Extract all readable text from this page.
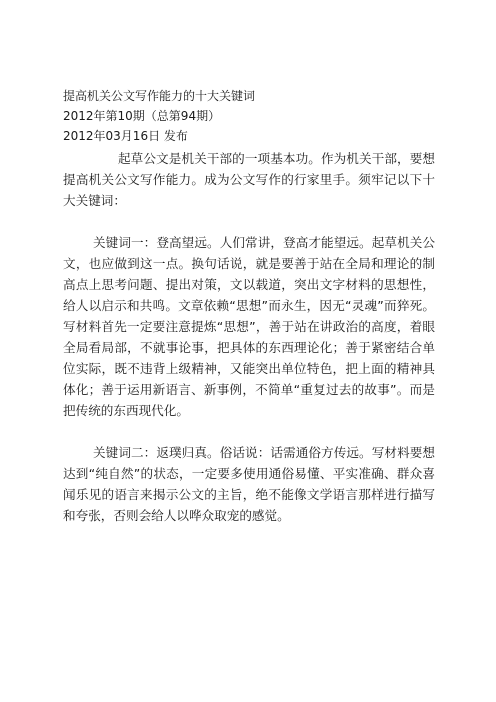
提高机关公文写作能力的十大关键词
2012年第10期（总第94期）
2012年03月16日 发布

起草公文是机关干部的一项基本功。作为机关干部，要想提高机关公文写作能力。成为公文写作的行家里手。须牢记以下十大关键词：

关键词一：登高望远。人们常讲，登高才能望远。起草机关公文，也应做到这一点。换句话说，就是要善于站在全局和理论的制高点上思考问题、提出对策，文以载道，突出文字材料的思想性，给人以启示和共鸣。文章依赖“思想”而永生，因无“灵魂”而猝死。写材料首先一定要注意提炼“思想”，善于站在讲政治的高度，着眼全局看局部，不就事论事，把具体的东西理论化；善于紧密结合单位实际，既不违背上级精神，又能突出单位特色，把上面的精神具体化；善于运用新语言、新事例，不简单“重复过去的故事”。而是把传统的东西现代化。

关键词二：返璞归真。俗话说：话需通俗方传远。写材料要想达到“纯自然”的状态，一定要多使用通俗易懂、平实准确、群众喜闻乐见的语言来揭示公文的主旨，绝不能像文学语言那样进行描写和夸张，否则会给人以哗众取宠的感觉。
